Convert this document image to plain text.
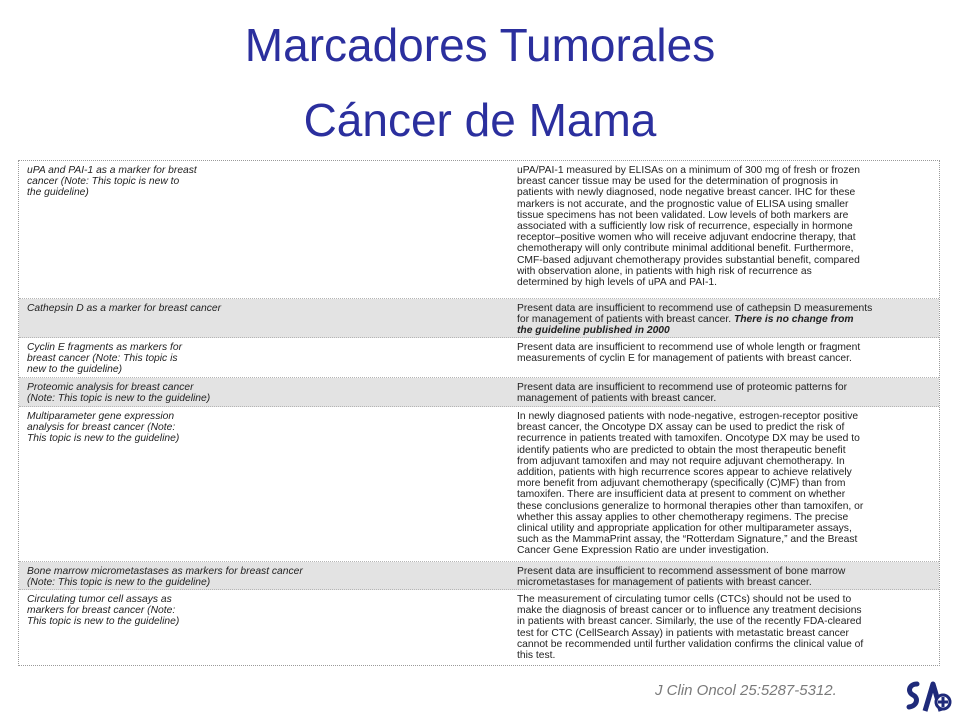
Marcadores Tumorales
Cáncer de Mama
uPA and PAI-1 as a marker for breast
cancer (Note: This topic is new to
the guideline)
uPA/PAI-1 measured by ELISAs on a minimum of 300 mg of fresh or frozen
breast cancer tissue may be used for the determination of prognosis in
patients with newly diagnosed, node negative breast cancer. IHC for these
markers is not accurate, and the prognostic value of ELISA using smaller
tissue specimens has not been validated. Low levels of both markers are
associated with a sufficiently low risk of recurrence, especially in hormone
receptor–positive women who will receive adjuvant endocrine therapy, that
chemotherapy will only contribute minimal additional benefit. Furthermore,
CMF-based adjuvant chemotherapy provides substantial benefit, compared
with observation alone, in patients with high risk of recurrence as
determined by high levels of uPA and PAI-1.
Cathepsin D as a marker for breast cancer	Present data are insufficient to recommend use of cathepsin D measurements
for management of patients with breast cancer. There is no change from
the guideline published in 2000
Cyclin E fragments as markers for
breast cancer (Note: This topic is
new to the guideline)
Present data are insufficient to recommend use of whole length or fragment
measurements of cyclin E for management of patients with breast cancer.
Proteomic analysis for breast cancer
(Note: This topic is new to the guideline)
Present data are insufficient to recommend use of proteomic patterns for
management of patients with breast cancer.
Multiparameter gene expression
analysis for breast cancer (Note:
This topic is new to the guideline)
In newly diagnosed patients with node-negative, estrogen-receptor positive
breast cancer, the Oncotype DX assay can be used to predict the risk of
recurrence in patients treated with tamoxifen. Oncotype DX may be used to
identify patients who are predicted to obtain the most therapeutic benefit
from adjuvant tamoxifen and may not require adjuvant chemotherapy. In
addition, patients with high recurrence scores appear to achieve relatively
more benefit from adjuvant chemotherapy (specifically (C)MF) than from
tamoxifen. There are insufficient data at present to comment on whether
these conclusions generalize to hormonal therapies other than tamoxifen, or
whether this assay applies to other chemotherapy regimens. The precise
clinical utility and appropriate application for other multiparameter assays,
such as the MammaPrint assay, the “Rotterdam Signature,” and the Breast
Cancer Gene Expression Ratio are under investigation.
Bone marrow micrometastases as markers for breast cancer
(Note: This topic is new to the guideline)
Present data are insufficient to recommend assessment of bone marrow
micrometastases for management of patients with breast cancer.
Circulating tumor cell assays as
markers for breast cancer (Note:
This topic is new to the guideline)
The measurement of circulating tumor cells (CTCs) should not be used to
make the diagnosis of breast cancer or to influence any treatment decisions
in patients with breast cancer. Similarly, the use of the recently FDA-cleared
test for CTC (CellSearch Assay) in patients with metastatic breast cancer
cannot be recommended until further validation confirms the clinical value of
this test.
J Clin Oncol 25:5287-5312.
